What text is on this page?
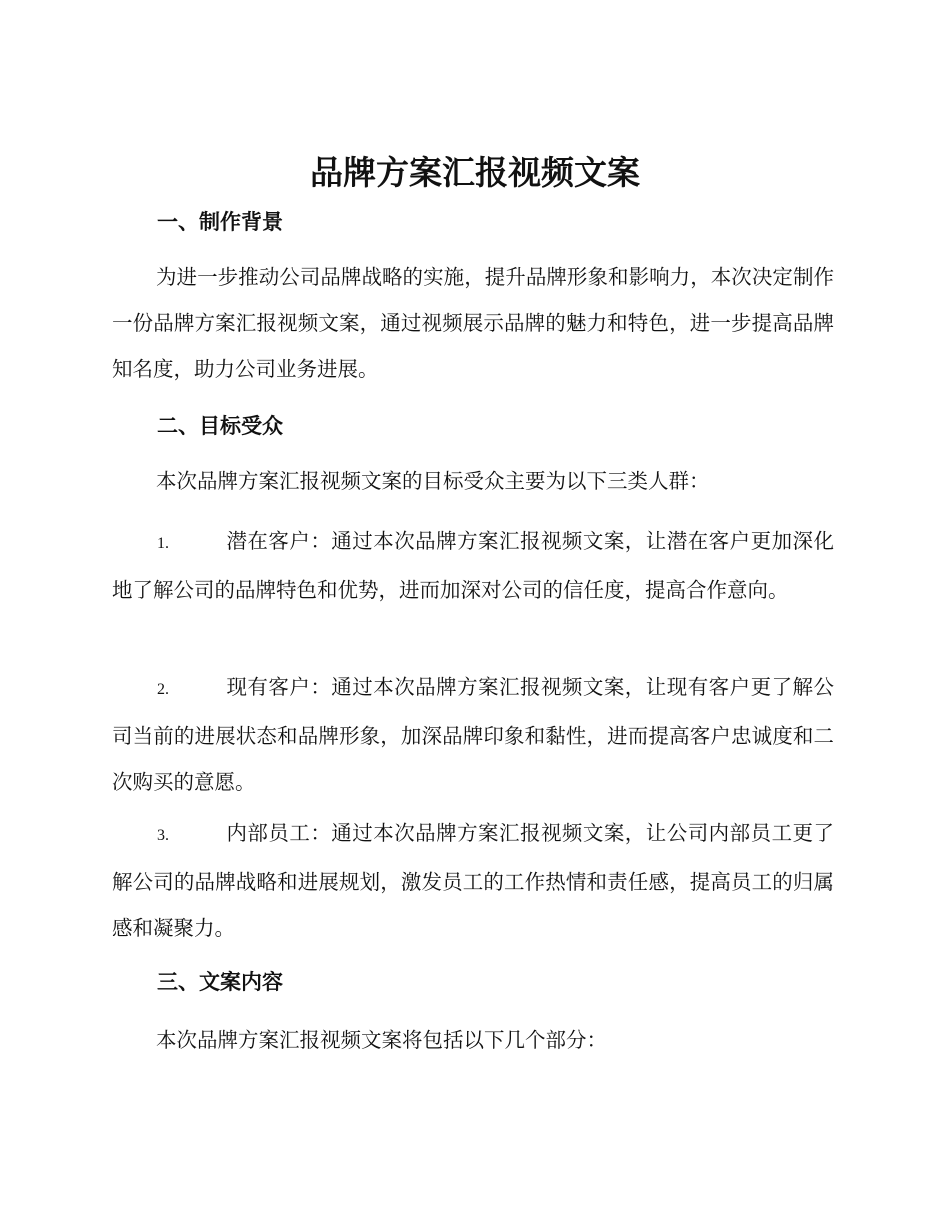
品牌方案汇报视频文案
一、制作背景

为进一步推动公司品牌战略的实施，提升品牌形象和影响力，本次决定制作一份品牌方案汇报视频文案，通过视频展示品牌的魅力和特色，进一步提高品牌知名度，助力公司业务进展。

二、目标受众

本次品牌方案汇报视频文案的目标受众主要为以下三类人群：

1.	潜在客户：通过本次品牌方案汇报视频文案，让潜在客户更加深化地了解公司的品牌特色和优势，进而加深对公司的信任度，提高合作意向。

2.	现有客户：通过本次品牌方案汇报视频文案，让现有客户更了解公司当前的进展状态和品牌形象，加深品牌印象和黏性，进而提高客户忠诚度和二次购买的意愿。

3.	内部员工：通过本次品牌方案汇报视频文案，让公司内部员工更了解公司的品牌战略和进展规划，激发员工的工作热情和责任感，提高员工的归属感和凝聚力。

三、文案内容

本次品牌方案汇报视频文案将包括以下几个部分：
